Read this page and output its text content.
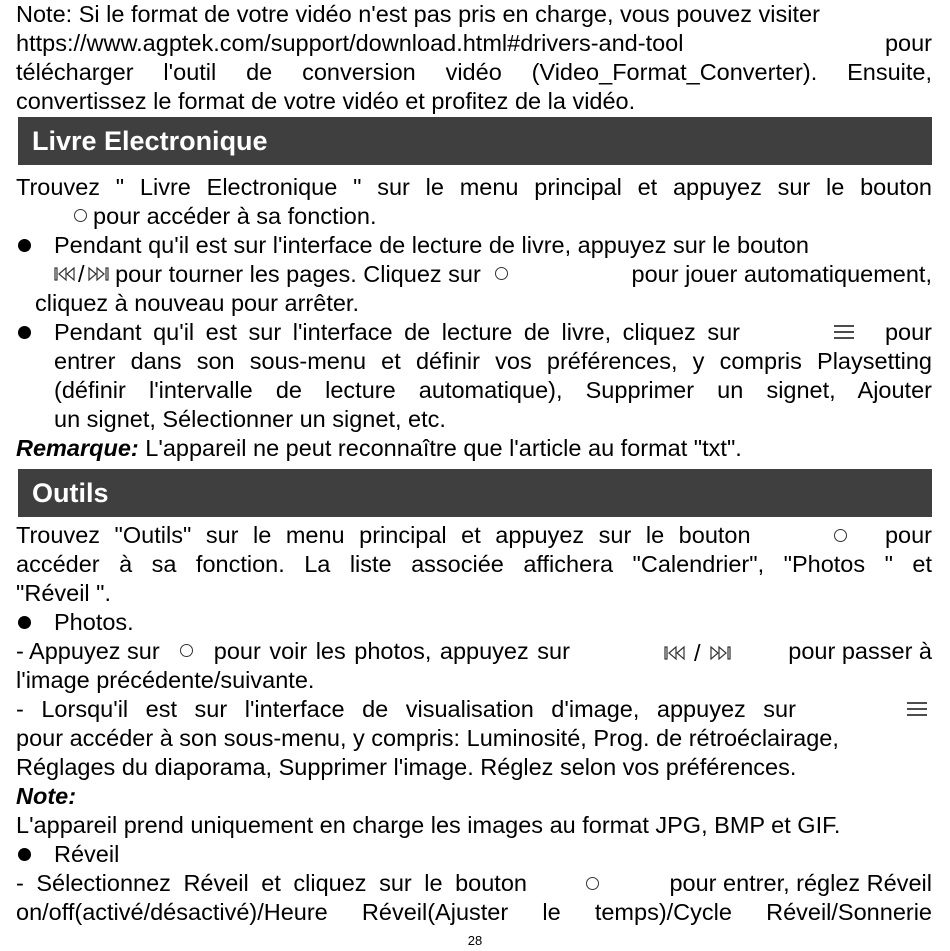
Note: Si le format de votre vidéo n'est pas pris en charge, vous pouvez visiter
https://www.agptek.com/support/download.html#drivers-and-tool	pour
télécharger l'outil de conversion vidéo (Video_Format_Converter). Ensuite,
convertissez le format de votre vidéo et profitez de la vidéo.
Livre Electronique
Trouvez " Livre Electronique " sur le menu principal et appuyez sur le bouton
pour accéder à sa fonction.
Pendant qu'il est sur l'interface de lecture de livre, appuyez sur le bouton
/ pour tourner les pages. Cliquez sur	pour jouer automatiquement,
cliquez à nouveau pour arrêter.
Pendant qu'il est sur l'interface de lecture de livre, cliquez sur	pour
entrer dans son sous-menu et définir vos préférences, y compris Playsetting
(définir l'intervalle de lecture automatique), Supprimer un signet, Ajouter
un signet, Sélectionner un signet, etc.
Remarque: L'appareil ne peut reconnaître que l'article au format "txt".
Outils
Trouvez "Outils" sur le menu principal et appuyez sur le bouton	pour
accéder à sa fonction. La liste associée affichera "Calendrier", "Photos " et
"Réveil ".
Photos.
- Appuyez sur pour voir les photos, appuyez sur	/	pour passer à
l'image précédente/suivante.
- Lorsqu'il est sur l'interface de visualisation d'image, appuyez sur
pour accéder à son sous-menu, y compris: Luminosité, Prog. de rétroéclairage,
Réglages du diaporama, Supprimer l'image. Réglez selon vos préférences.
Note:
L'appareil prend uniquement en charge les images au format JPG, BMP et GIF.
Réveil
- Sélectionnez Réveil et cliquez sur le bouton	pour entrer, réglez Réveil
on/off(activé/désactivé)/Heure Réveil(Ajuster le temps)/Cycle Réveil/Sonnerie
28
